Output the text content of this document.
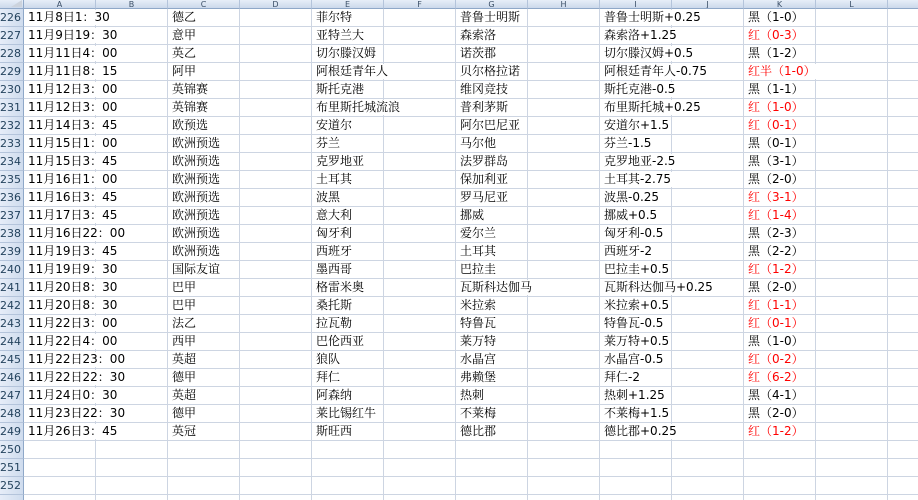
A	B	C	D	E	F	G	H	I	J	K	L
226 11月8日1：30	德乙	菲尔特	普鲁士明斯	普鲁士明斯+0.25	黑（1-0）
227 11月9日19：30	意甲	亚特兰大	森索洛	森索洛+1.25	红（0-3）
228 11月11日4：00	英乙	切尔滕汉姆	诺茨郡	切尔滕汉姆+0.5	黑（1-2）
229 11月11日8：15	阿甲	阿根廷青年人	贝尔格拉诺	阿根廷青年人-0.75	红半（1-0）
230 11月12日3：00	英锦赛	斯托克港	维冈竞技	斯托克港-0.5	黑（1-1）
231 11月12日3：00	英锦赛	布里斯托城流浪	普利茅斯	布里斯托城+0.25	红（1-0）
232 11月14日3：45	欧预选	安道尔	阿尔巴尼亚	安道尔+1.5	红（0-1）
233 11月15日1：00	欧洲预选	芬兰	马尔他	芬兰-1.5	黑（0-1）
234 11月15日3：45	欧洲预选	克罗地亚	法罗群岛	克罗地亚-2.5	黑（3-1）
235 11月16日1：00	欧洲预选	土耳其	保加利亚	土耳其-2.75	黑（2-0）
236 11月16日3：45	欧洲预选	波黑	罗马尼亚	波黑-0.25	红（3-1）
237 11月17日3：45	欧洲预选	意大利	挪威	挪威+0.5	红（1-4）
238 11月16日22：00	欧洲预选	匈牙利	爱尔兰	匈牙利-0.5	黑（2-3）
239 11月19日3：45	欧洲预选	西班牙	土耳其	西班牙-2	黑（2-2）
240 11月19日9：30	国际友谊	墨西哥	巴拉圭	巴拉圭+0.5	红（1-2）
241 11月20日8：30	巴甲	格雷米奥	瓦斯科达伽马	瓦斯科达伽马+0.25	黑（2-0）
242 11月20日8：30	巴甲	桑托斯	米拉索	米拉索+0.5	红（1-1）
243 11月22日3：00	法乙	拉瓦勒	特鲁瓦	特鲁瓦-0.5	红（0-1）
244 11月22日4：00	西甲	巴伦西亚	莱万特	莱万特+0.5	黑（1-0）
245 11月22日23：00	英超	狼队	水晶宫	水晶宫-0.5	红（0-2）
246 11月22日22：30	德甲	拜仁	弗赖堡	拜仁-2	红（6-2）
247 11月24日0：30	英超	阿森纳	热刺	热刺+1.25	黑（4-1）
248 11月23日22：30	德甲	莱比锡红牛	不莱梅	不莱梅+1.5	黑（2-0）
249 11月26日3：45	英冠	斯旺西	德比郡	德比郡+0.25	红（1-2）
250
251
252
